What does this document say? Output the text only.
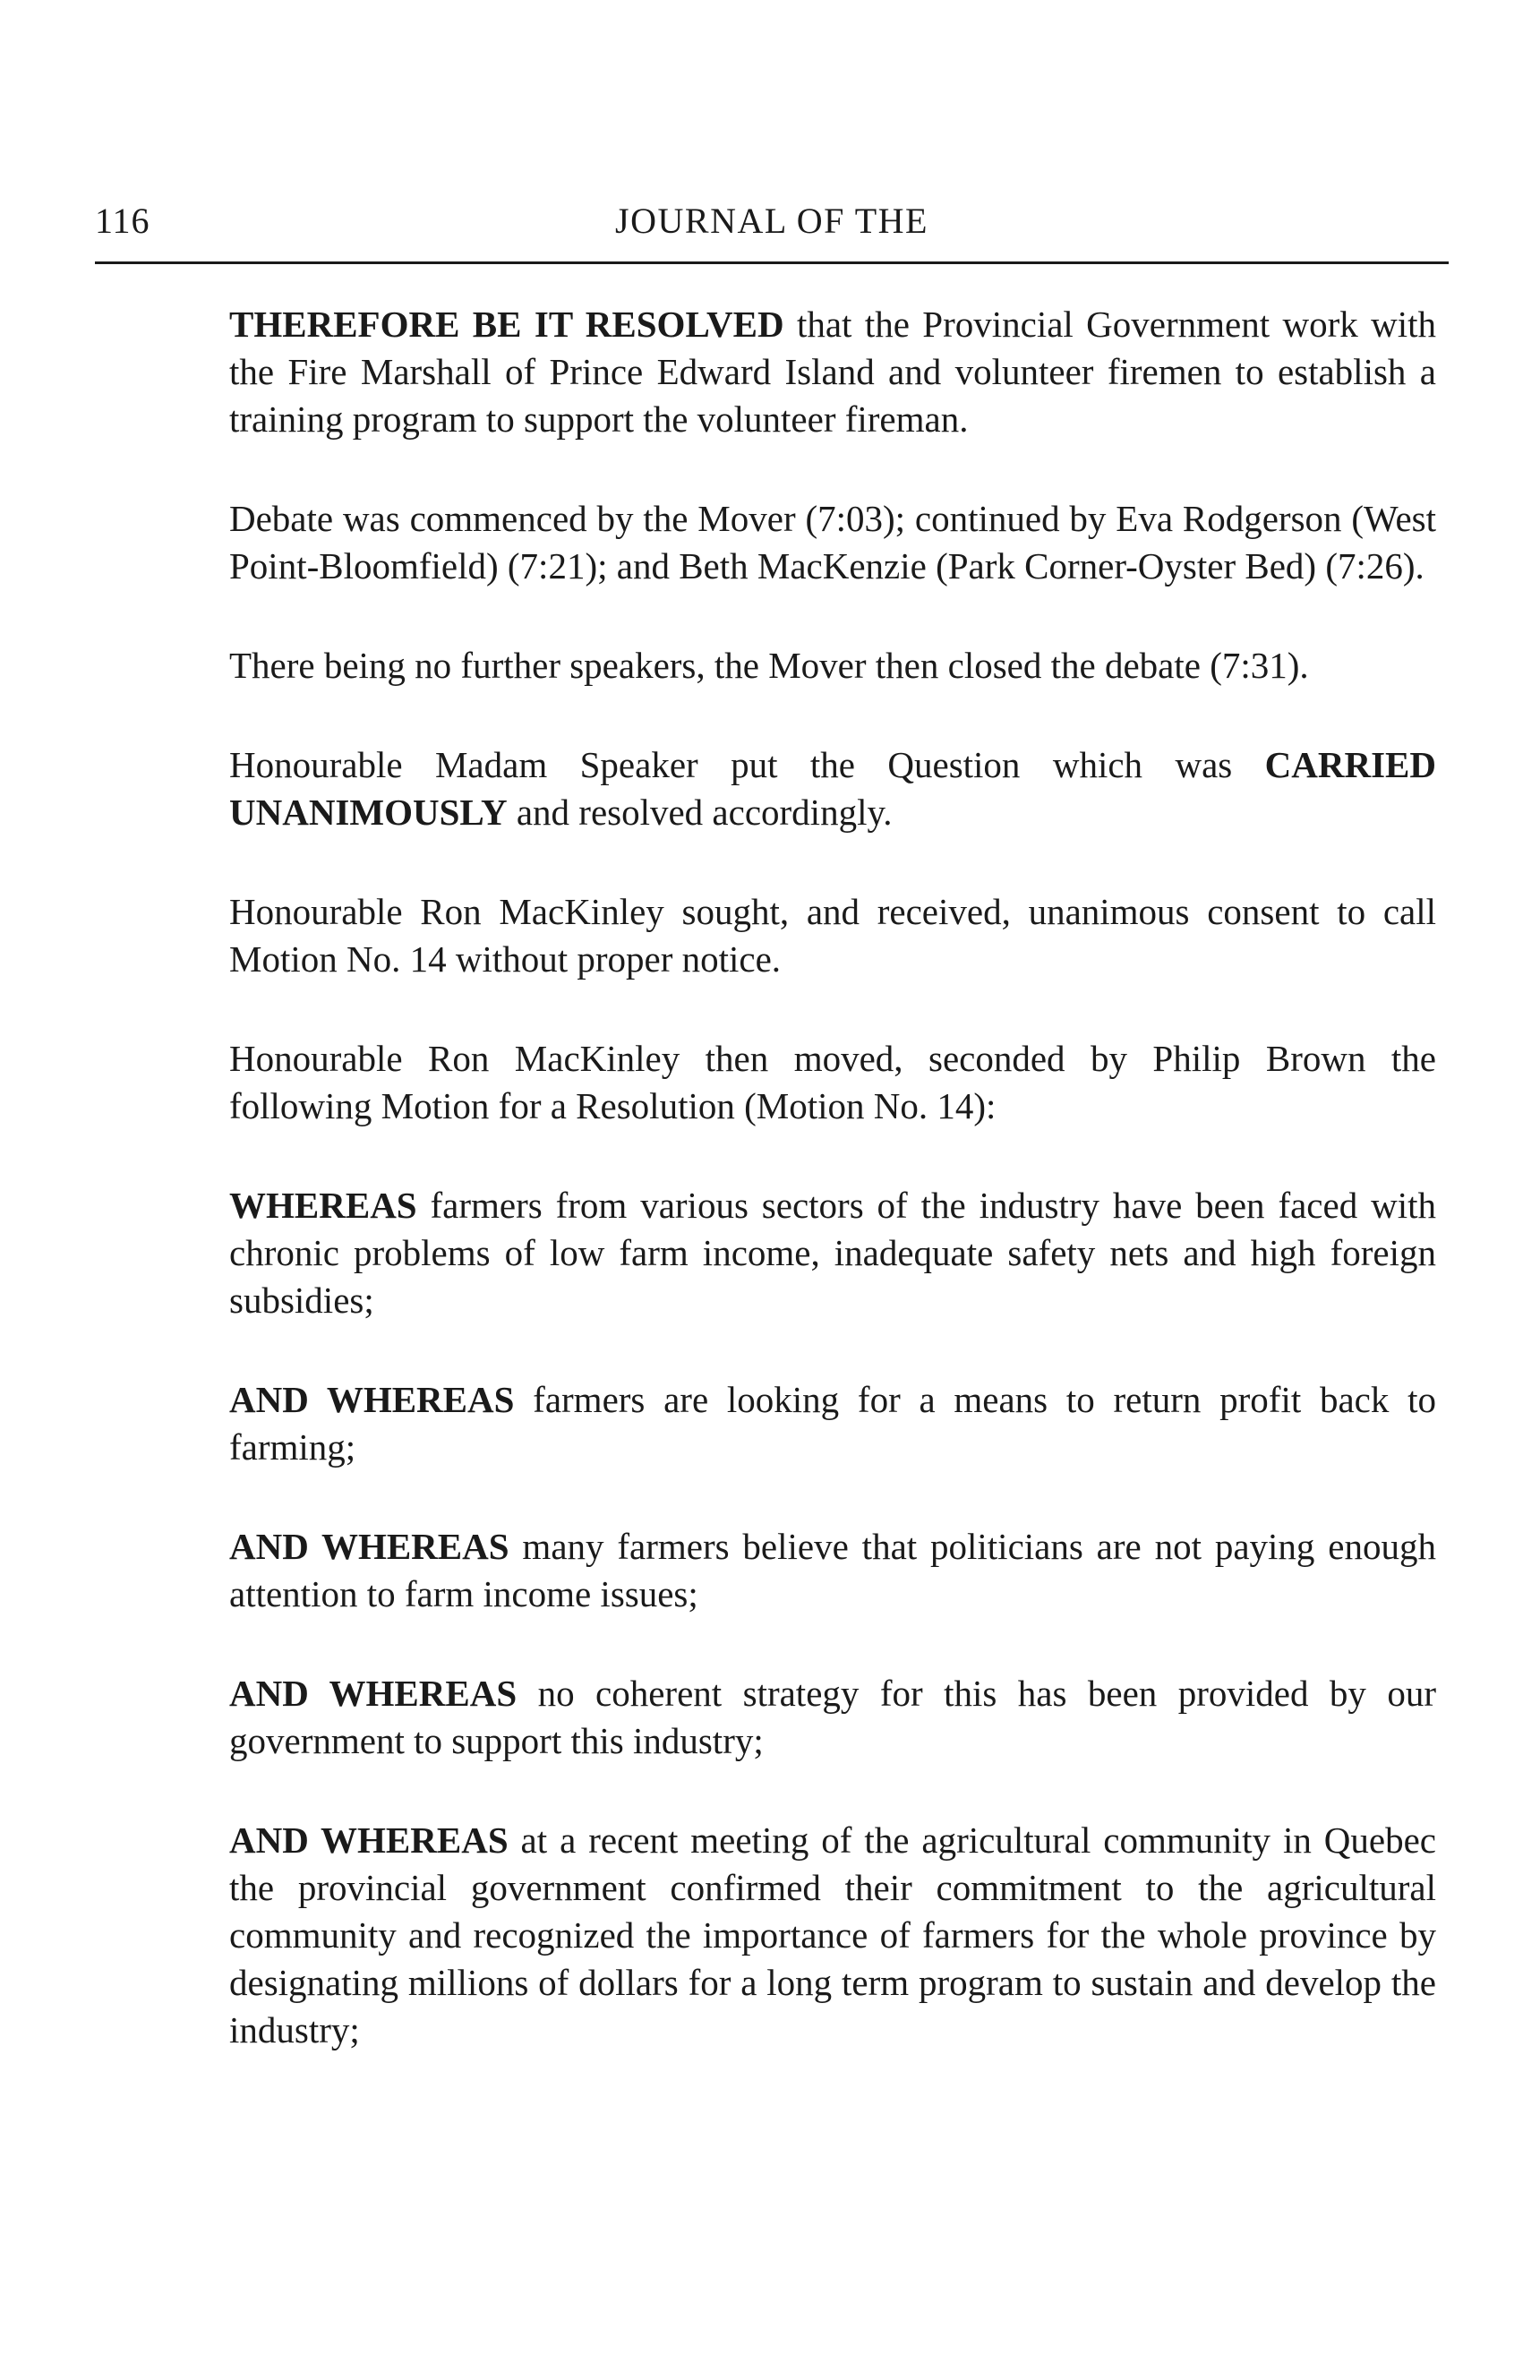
116	JOURNAL OF THE

THEREFORE BE IT RESOLVED that the Provincial Government work with the Fire Marshall of Prince Edward Island and volunteer firemen to establish a training program to support the volunteer fireman.

Debate was commenced by the Mover (7:03); continued by Eva Rodgerson (West Point-Bloomfield) (7:21); and Beth MacKenzie (Park Corner-Oyster Bed) (7:26).

There being no further speakers, the Mover then closed the debate (7:31).

Honourable Madam Speaker put the Question which was CARRIED UNANIMOUSLY and resolved accordingly.

Honourable Ron MacKinley sought, and received, unanimous consent to call Motion No. 14 without proper notice.

Honourable Ron MacKinley then moved, seconded by Philip Brown the following Motion for a Resolution (Motion No. 14):

WHEREAS farmers from various sectors of the industry have been faced with chronic problems of low farm income, inadequate safety nets and high foreign subsidies;

AND WHEREAS farmers are looking for a means to return profit back to farming;

AND WHEREAS many farmers believe that politicians are not paying enough attention to farm income issues;

AND WHEREAS no coherent strategy for this has been provided by our government to support this industry;

AND WHEREAS at a recent meeting of the agricultural community in Quebec the provincial government confirmed their commitment to the agricultural community and recognized the importance of farmers for the whole province by designating millions of dollars for a long term program to sustain and develop the industry;
